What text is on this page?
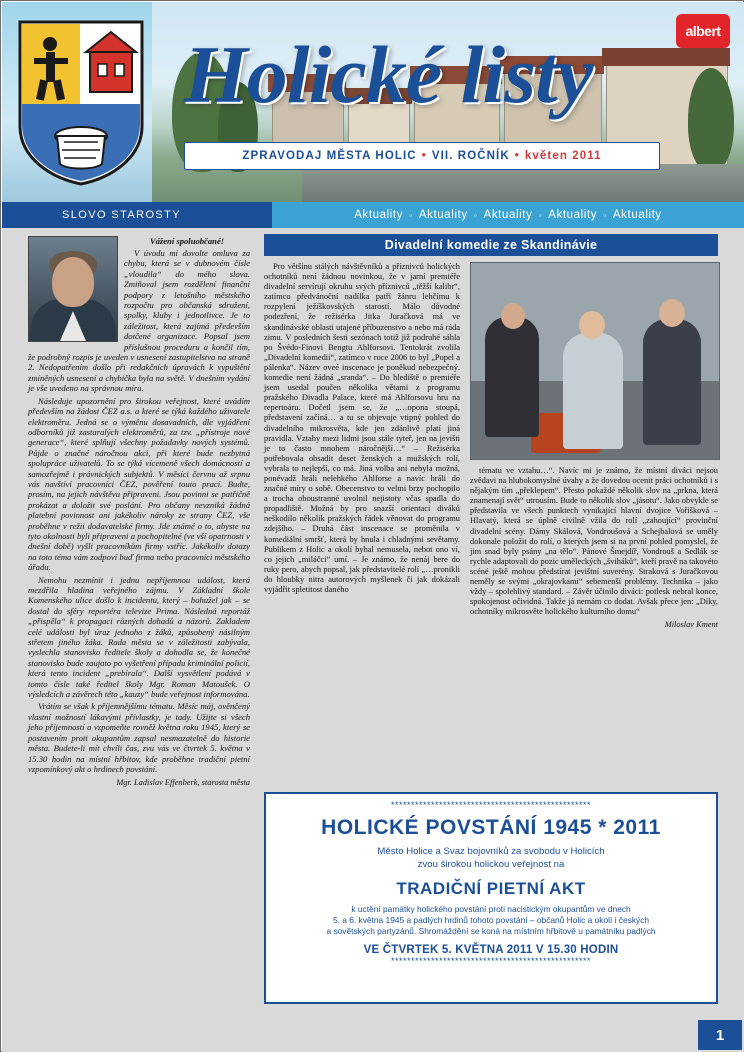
albert
Holické listy
ZPRAVODAJ MĚSTA HOLIC • VII. ROČNÍK • květen 2011
SLOVO STAROSTY	Aktuality ◦ Aktuality ◦ Aktuality ◦ Aktuality ◦ Aktuality
Vážení spoluobčané!

V úvodu mi dovolte omluva za chybu, která se v dubnovém čísle „vloudila“ do mého slova. Zmiňoval jsem rozdělení finanční podpory z letošního městského rozpočtu pro občanská sdružení, spolky, kluby i jednotlivce. Je to záležitost, která zajímá především dotčené organizace. Popsal jsem příslušnou proceduru a končil tím, že podrobný rozpis je uveden v usnesení zastupitelstva na straně 2. Nedopatřením došlo při redakčních úpravách k vypuštění zmíněných usnesení a chybička byla na světě. V dnešním vydání je vše uvedeno na správnou míru.

Následuje upozornění pro širokou veřejnost, které uvádím především na žádost ČEZ a.s. a které se týká každého uživatele elektroměru. Jedná se o výměnu dosavadních, dle vyjádření odborníků již zastaralých elektroměrů, za tzv. „přístroje nové generace“, které splňují všechny požadavky nových systémů. Půjde o značné náročnou akci, při které bude nezbytná spolupráce uživatelů. To se týká vícemeně všech domácností a samozřejmě i právnických subjektů. V měsíci červnu až srpnu vás navštíví pracovníci ČEZ, pověření touto prací. Budte, prosím, na jejich návštěvu připraveni. Jsou povinni se patřičně prokázat a doložit své poslání. Pro občany nevzniká žádná platební povinnost ani jakékoliv nároky ze strany ČEZ, vše proběhne v režii dodavatelské firmy. Jde známé o to, abyste na tyto okolnosti byli připraveni a pochopitelné (ve vší opatrnosti v dnešní době) vyšli pracovníkům firmy vstříc. Jakékoliv dotazy na toto téma vám zodpoví buď firma nebo pracovníci městského úřadu.

Nemohu nezmínit i jednu nepříjemnou událost, která mezdřila hladina veřejného zájmu. V Základní škole Komenského ulice došlo k incidentu, který – bohužel jak – se dostal do sféry reportéra televize Prima. Následná reportáž „přispěla“ k propagaci různých dohadů a názorů. Zakladem celé události byl úraz jednoho z žáků, způsobený násilným střetem jiného žáka. Rada města se v záležitosti zabývala, vyslechla stanovisko ředitele školy a dohodla se, že konečné stanovisko bude zaujato po vyšetření případu kriminální policií, která tento incident „prebírala“. Další vysvětlení podává v tomto čísle také ředitel školy Mgr. Roman Matoušek. O výsledcích a závěrech této „kauzy“ bude veřejnost informována.

Vrátím se však k příjemnějšímu tématu. Měsíc máj, ověnčený vlastní možností lákavými přívlastky, je tady. Užijte si všech jeho příjemností a vzpomeňte rovněž května roku 1945, který se postavením proti okupantům zapsal nesmazatelně do historie města. Budete-li mít chvíli čas, zvu vás ve čtvrtek 5. května v 15.30 hodin na místní hřbitov, kde proběhne tradiční pietní vzpomínkový akt o hrdinech povstání.

Mgr. Ladislav Effenberk, starosta města
Divadelní komedie ze Skandinávie

Pro většinu stálých návštěvníků a příznivců holických ochotníků není žádnou novinkou, že v jarní premiéře divadelní servírují okruhu svých příznivců „těžší kalibr“, zatímco předvánoční nadílka patří žánru lehčímu k rozpylení ježíškovských starostí. Málo důvodné podezření, že režisérka Jitka Juračková má ve skandinávské oblasti utajené příbuzenstvo a nebo má ráda zimu. V posledních šesti sezónach totiž již podruhé sáhla po Švédo-Finovi Bengtu Ahlforsovi. Tentokrát zvolila „Divadelní komedii“, zatímco v roce 2006 to byl „Popel a pálenka“. Název oveé inscenace je poněkud nebezpečný. komedie není žádná „sranda“. – Do hlediště o premiéře jsem usedal poučen několika větami z programu pražského Divadla Palace, které má Ahlforsovu hru na repertoáru. Dočetl jsem se, že „…opona stoupá, představení začíná… a tu se objevuje vtipný pohled do divadelního mikrosvěta, kde jen zdánlivě platí jiná pravidla. Vztahy mezi lidmi jsou stále tyteř, jen na jevišti je to často mnohem náročnější…“ – Režisérka potřebovala obsadit deset ženských a mužských rolí, vybrala to nejlepší, co má. Jiná volba ani nebyla možná, ponévadž hráli nelehkého Ahlforse a navíc hráli do značné míry o sobě. Obecenstvo to velmi brzy pochopilo a trocha oboustranné uvolnil nejistoty včas spadla do propadliště. Možná by pro snazší orientaci diváků neškodilo několik pražských řádek věnovat do programu zdejšího. – Druhá část inscenace se proměnila v komediální smršť, která by hnula i chladnými sevětamy. Publikem z Holic a okolí byhal nemusela, nebot ono ví, co jejich „miláčci“ umí. – Je známo, že nenáj bere do ruky pero, abych popsal, jak představitelé rolí „…pronikli do hloubky nitra autorových myšlenek či jak dokázali vyjádřit spletitost daného

tématu ve vztahu…“. Navíc mi je známo, že místní diváci nejsou zvědavi na hlubokomyslné úvahy a že dovedou ocenit práci ochotníků i s nějakým tím „překlepem“. Přesto pokaždé několik slov na „prkna, která znamenají svět“ utrousím. Bude to několik slov „jásotu“. Jako obvykle se představila ve všech punktech vynikající hlavní dvojice Vořišková – Hlavatý, která se úplně civilně vžila do rolí „zahoující“ provinční divadelní scény. Dámy Skálová, Vondroušová a Schejbalová se uměly dokonale položit do rolí, o kterých jsem si na první pohled pomyslel, že jim snad byly psány „na tělo“. Pánové Šmejdíř, Vondrouš a Sedlák se rychle adaptovali do pozic uměleckých „šviháků“, kteří pravě na takovéto scéné ještě mohou předstírat jevištní suverény. Straková s Juračkovou neměly se svými „okrajovkami“ sebemenší problémy. Technika – jako vždy – spolehlivý standard. – Závěr účinilo diváci: potlesk nebral konce, spokojenost očividná. Takže já nemám co dodat. Avšak přece jen: „Díky, ochotníky mikrosvěte holického kulturního domu“

Miloslav Kment
**************************************************
HOLICKÉ POVSTÁNÍ 1945 * 2011
Město Holice a Svaz bojovníků za svobodu v Holicích
zvou širokou holickou veřejnost na
TRADIČNÍ PIETNÍ AKT
k uctění památky holického povstání proti nacistickým okupantům ve dnech
5. a 6. května 1945 a padlých hrdinů tohoto povstání – občanů Holic a okolí i českých
a sovětských partyzánů. Shromáždění se koná na místním hřbitově u památníku padlých
VE ČTVRTEK 5. KVĚTNA 2011 V 15.30 HODIN
**************************************************
1
